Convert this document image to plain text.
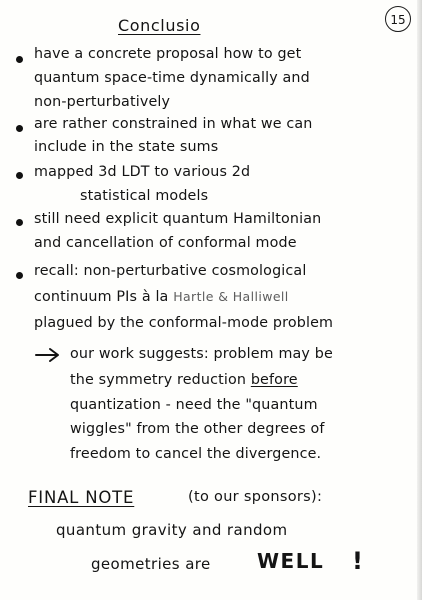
Conclusio	15
have a concrete proposal how to get
quantum space-time dynamically and
non-perturbatively
are rather constrained in what we can
include in the state sums
mapped 3d LDT to various 2d
statistical models
still need explicit quantum Hamiltonian
and cancellation of conformal mode
recall: non-perturbative cosmological
continuum PIs à la Hartle & Halliwell
plagued by the conformal-mode problem
our work suggests: problem may be
the symmetry reduction before
quantization - need the "quantum
wiggles" from the other degrees of
freedom to cancel the divergence.
FINAL NOTE	(to our sponsors):
quantum gravity and random
geometries are WELL !
